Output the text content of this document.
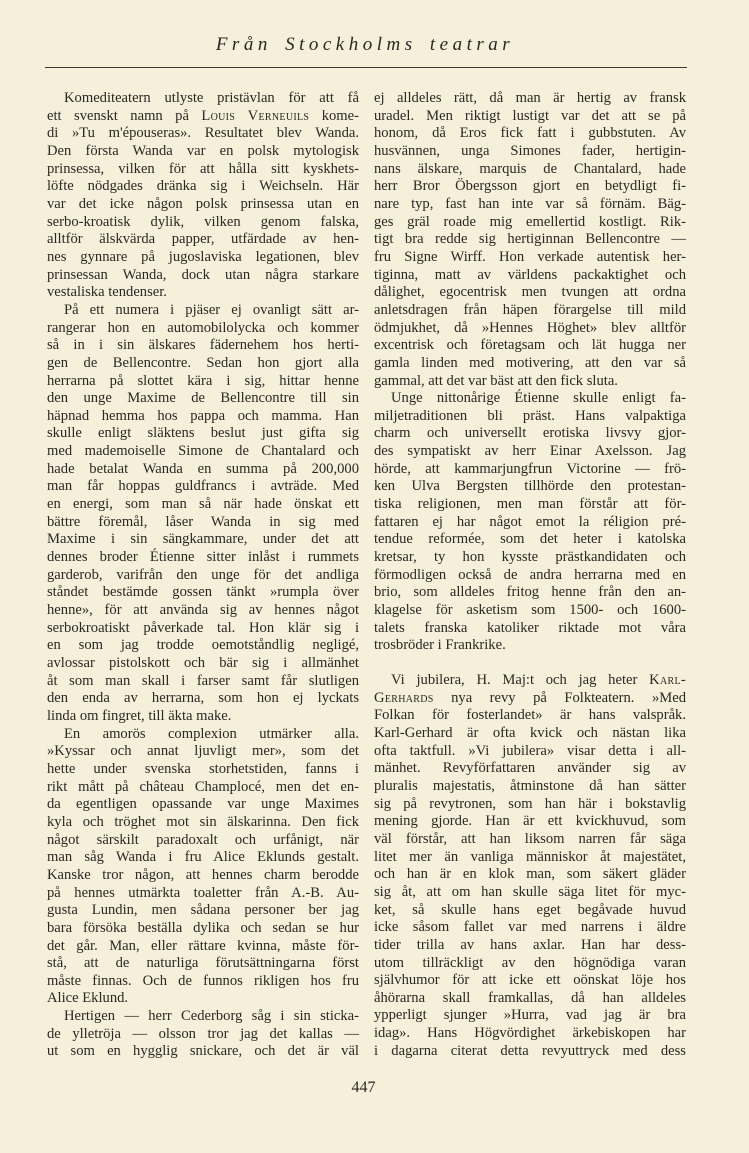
Från Stockholms teatrar
Komediteatern utlyste pristävlan för att få
ett svenskt namn på Louis Verneuils kome-
di »Tu m'épouseras». Resultatet blev Wanda.
Den första Wanda var en polsk mytologisk
prinsessa, vilken för att hålla sitt kyskhets-
löfte nödgades dränka sig i Weichseln. Här
var det icke någon polsk prinsessa utan en
serbo-kroatisk dylik, vilken genom falska,
alltför älskvärda papper, utfärdade av hen-
nes gynnare på jugoslaviska legationen, blev
prinsessan Wanda, dock utan några starkare
vestaliska tendenser.
På ett numera i pjäser ej ovanligt sätt ar-
rangerar hon en automobilolycka och kommer
så in i sin älskares fädernehem hos herti-
gen de Bellencontre. Sedan hon gjort alla
herrarna på slottet kära i sig, hittar henne
den unge Maxime de Bellencontre till sin
häpnad hemma hos pappa och mamma. Han
skulle enligt släktens beslut just gifta sig
med mademoiselle Simone de Chantalard och
hade betalat Wanda en summa på 200,000
man får hoppas guldfrancs i avträde. Med
en energi, som man så när hade önskat ett
bättre föremål, låser Wanda in sig med
Maxime i sin sängkammare, under det att
dennes broder Étienne sitter inlåst i rummets
garderob, varifrån den unge för det andliga
ståndet bestämde gossen tänkt »rumpla över
henne», för att använda sig av hennes något
serbokroatiskt påverkade tal. Hon klär sig i
en som jag trodde oemotståndlig negligé,
avlossar pistolskott och bär sig i allmänhet
åt som man skall i farser samt får slutligen
den enda av herrarna, som hon ej lyckats
linda om fingret, till äkta make.
En amorös complexion utmärker alla.
»Kyssar och annat ljuvligt mer», som det
hette under svenska storhetstiden, fanns i
rikt mått på château Champlocé, men det en-
da egentligen opassande var unge Maximes
kyla och tröghet mot sin älskarinna. Den fick
något särskilt paradoxalt och urfånigt, när
man såg Wanda i fru Alice Eklunds gestalt.
Kanske tror någon, att hennes charm berodde
på hennes utmärkta toaletter från A.-B. Au-
gusta Lundin, men sådana personer ber jag
bara försöka beställa dylika och sedan se hur
det går. Man, eller rättare kvinna, måste för-
stå, att de naturliga förutsättningarna först
måste finnas. Och de funnos rikligen hos fru
Alice Eklund.
Hertigen — herr Cederborg såg i sin sticka-
de ylletröja — olsson tror jag det kallas —
ut som en hygglig snickare, och det är väl
ej alldeles rätt, då man är hertig av fransk
uradel. Men riktigt lustigt var det att se på
honom, då Eros fick fatt i gubbstuten. Av
husvännen, unga Simones fader, hertigin-
nans älskare, marquis de Chantalard, hade
herr Bror Öbergsson gjort en betydligt fi-
nare typ, fast han inte var så förnäm. Bäg-
ges gräl roade mig emellertid kostligt. Rik-
tigt bra redde sig hertiginnan Bellencontre —
fru Signe Wirff. Hon verkade autentisk her-
tiginna, matt av världens packaktighet och
dålighet, egocentrisk men tvungen att ordna
anletsdragen från häpen förargelse till mild
ödmjukhet, då »Hennes Höghet» blev alltför
excentrisk och företagsam och lät hugga ner
gamla linden med motivering, att den var så
gammal, att det var bäst att den fick sluta.
Unge nittonårige Étienne skulle enligt fa-
miljetraditionen bli präst. Hans valpaktiga
charm och universellt erotiska livsvy gjor-
des sympatiskt av herr Einar Axelsson. Jag
hörde, att kammarjungfrun Victorine — frö-
ken Ulva Bergsten tillhörde den protestan-
tiska religionen, men man förstår att för-
fattaren ej har något emot la réligion pré-
tendue reformée, som det heter i katolska
kretsar, ty hon kysste prästkandidaten och
förmodligen också de andra herrarna med en
brio, som alldeles fritog henne från den an-
klagelse för asketism som 1500- och 1600-
talets franska katoliker riktade mot våra
trosbröder i Frankrike.
Vi jubilera, H. Maj:t och jag heter Karl-
Gerhards nya revy på Folkteatern. »Med
Folkan för fosterlandet» är hans valspråk.
Karl-Gerhard är ofta kvick och nästan lika
ofta taktfull. »Vi jubilera» visar detta i all-
mänhet. Revyförfattaren använder sig av
pluralis majestatis, åtminstone då han sätter
sig på revytronen, som han här i bokstavlig
mening gjorde. Han är ett kvickhuvud, som
väl förstår, att han liksom narren får säga
litet mer än vanliga människor åt majestätet,
och han är en klok man, som säkert gläder
sig åt, att om han skulle säga litet för myc-
ket, så skulle hans eget begåvade huvud
icke såsom fallet var med narrens i äldre
tider trilla av hans axlar. Han har dess-
utom tillräckligt av den högnödiga varan
självhumor för att icke ett oönskat löje hos
åhörarna skall framkallas, då han alldeles
ypperligt sjunger »Hurra, vad jag är bra
idag». Hans Högvördighet ärkebiskopen har
i dagarna citerat detta revyuttryck med dess
447
